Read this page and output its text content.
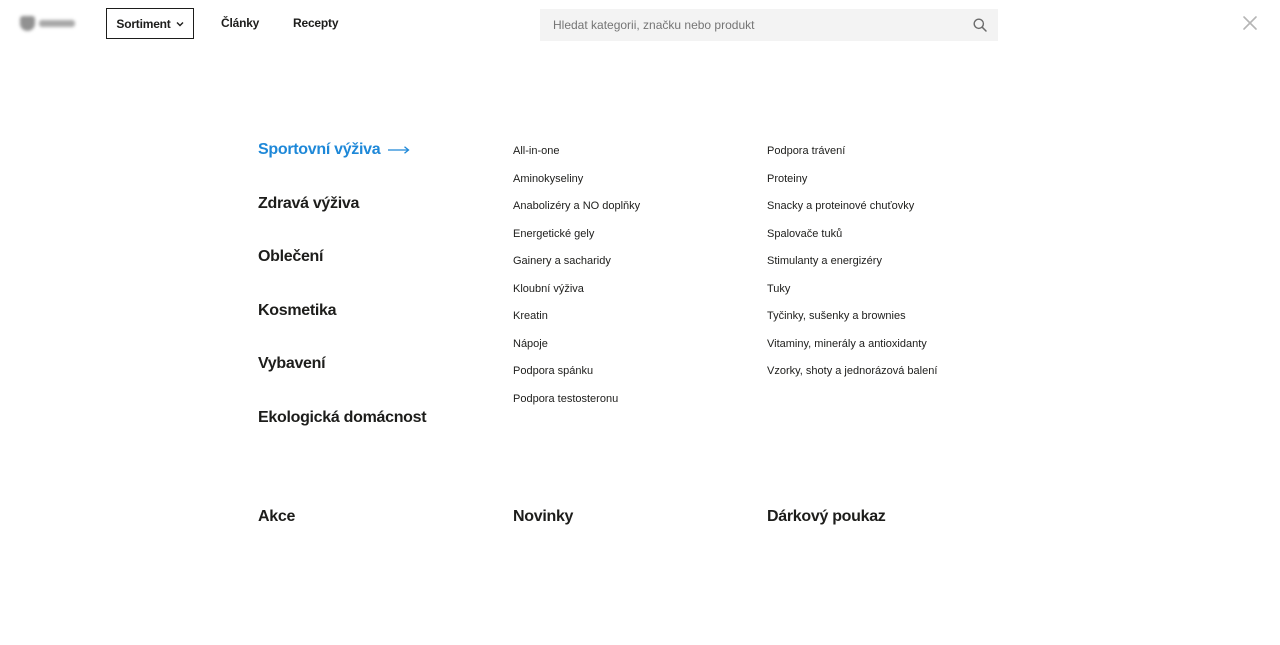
Sortiment	Články	Recepty
Hledat kategorii, značku nebo produkt
Sportovní výživa
Zdravá výživa
Oblečení
Kosmetika
Vybavení
Ekologická domácnost
All-in-one
Aminokyseliny
Anabolizéry a NO doplňky
Energetické gely
Gainery a sacharidy
Kloubní výživa
Kreatin
Nápoje
Podpora spánku
Podpora testosteronu
Podpora trávení
Proteiny
Snacky a proteinové chuťovky
Spalovače tuků
Stimulanty a energizéry
Tuky
Tyčinky, sušenky a brownies
Vitaminy, minerály a antioxidanty
Vzorky, shoty a jednorázová balení
Akce	Novinky	Dárkový poukaz
